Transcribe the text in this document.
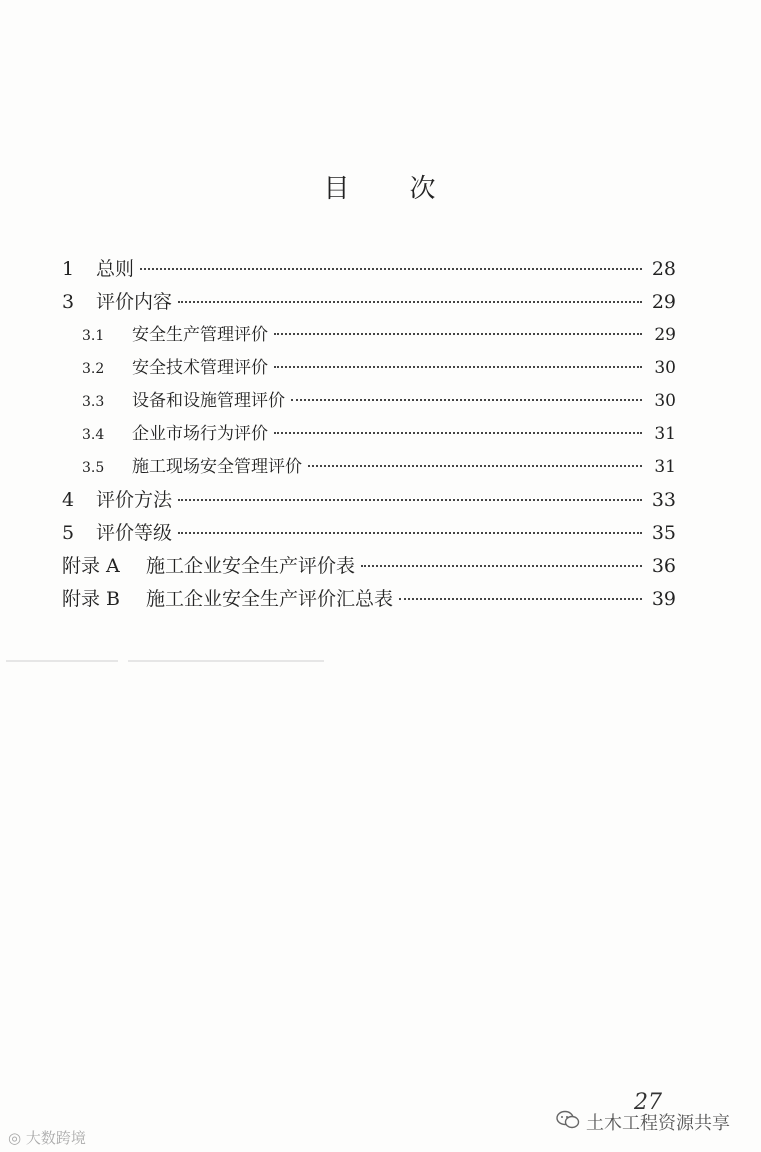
目 次
1	总则	28
3	评价内容	29
3.1	安全生产管理评价	29
3.2	安全技术管理评价	30
3.3	设备和设施管理评价	30
3.4	企业市场行为评价	31
3.5	施工现场安全管理评价	31
4	评价方法	33
5	评价等级	35
附录 A	施工企业安全生产评价表	36
附录 B	施工企业安全生产评价汇总表	39
27
土木工程资源共享
◎ 大数跨境
